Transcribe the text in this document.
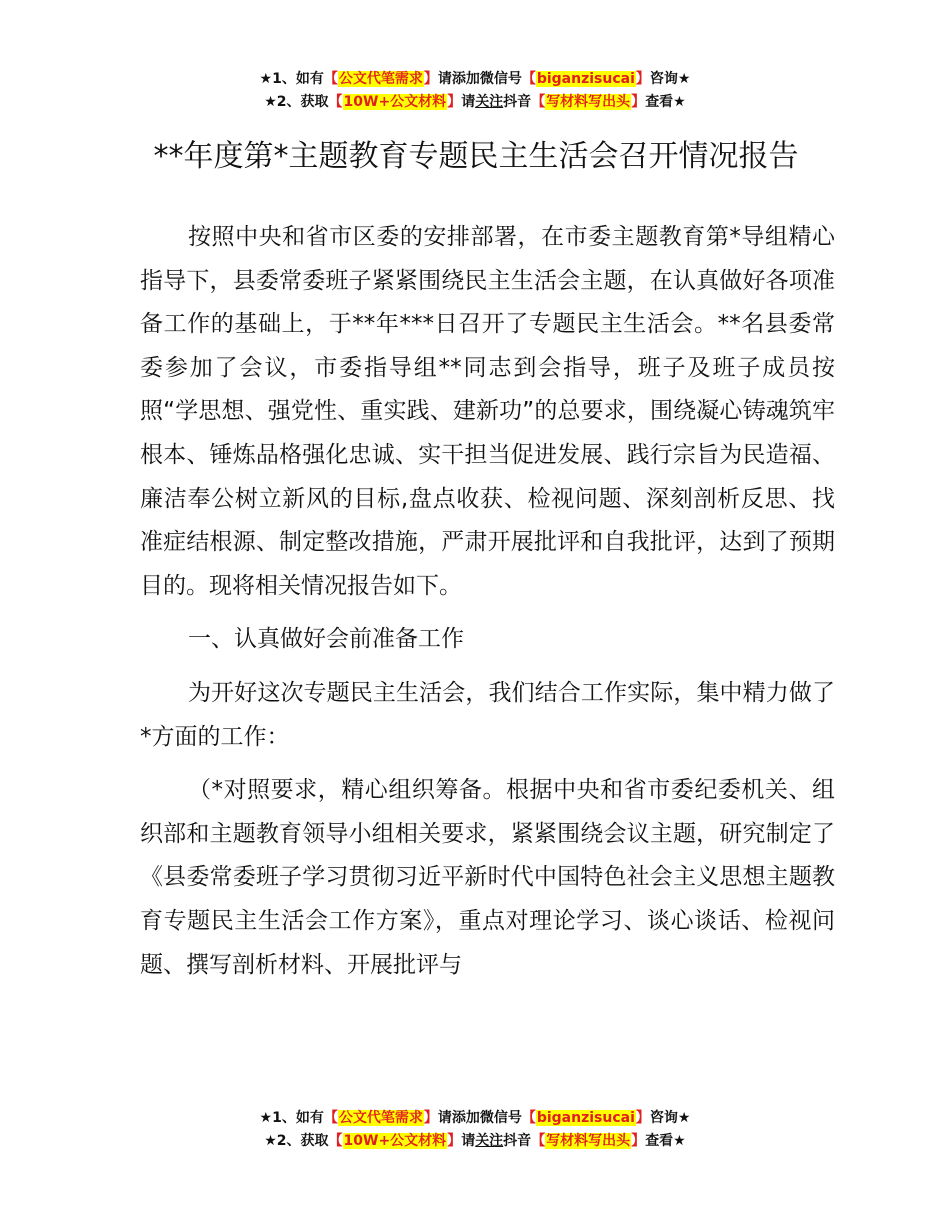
★1、如有【公文代笔需求】请添加微信号【biganzisucai】咨询★
★2、获取【10W+公文材料】请关注抖音【写材料写出头】查看★
**年度第*主题教育专题民主生活会召开情况报告

按照中央和省市区委的安排部署，在市委主题教育第*导组精心指导下，县委常委班子紧紧围绕民主生活会主题，在认真做好各项准备工作的基础上，于**年***日召开了专题民主生活会。**名县委常委参加了会议，市委指导组**同志到会指导，班子及班子成员按照“学思想、强党性、重实践、建新功”的总要求，围绕凝心铸魂筑牢根本、锤炼品格强化忠诚、实干担当促进发展、践行宗旨为民造福、廉洁奉公树立新风的目标,盘点收获、检视问题、深刻剖析反思、找准症结根源、制定整改措施，严肃开展批评和自我批评，达到了预期目的。现将相关情况报告如下。

一、认真做好会前准备工作

为开好这次专题民主生活会，我们结合工作实际，集中精力做了*方面的工作：

（*对照要求，精心组织筹备。根据中央和省市委纪委机关、组织部和主题教育领导小组相关要求，紧紧围绕会议主题，研究制定了《县委常委班子学习贯彻习近平新时代中国特色社会主义思想主题教育专题民主生活会工作方案》，重点对理论学习、谈心谈话、检视问题、撰写剖析材料、开展批评与

★1、如有【公文代笔需求】请添加微信号【biganzisucai】咨询★
★2、获取【10W+公文材料】请关注抖音【写材料写出头】查看★
